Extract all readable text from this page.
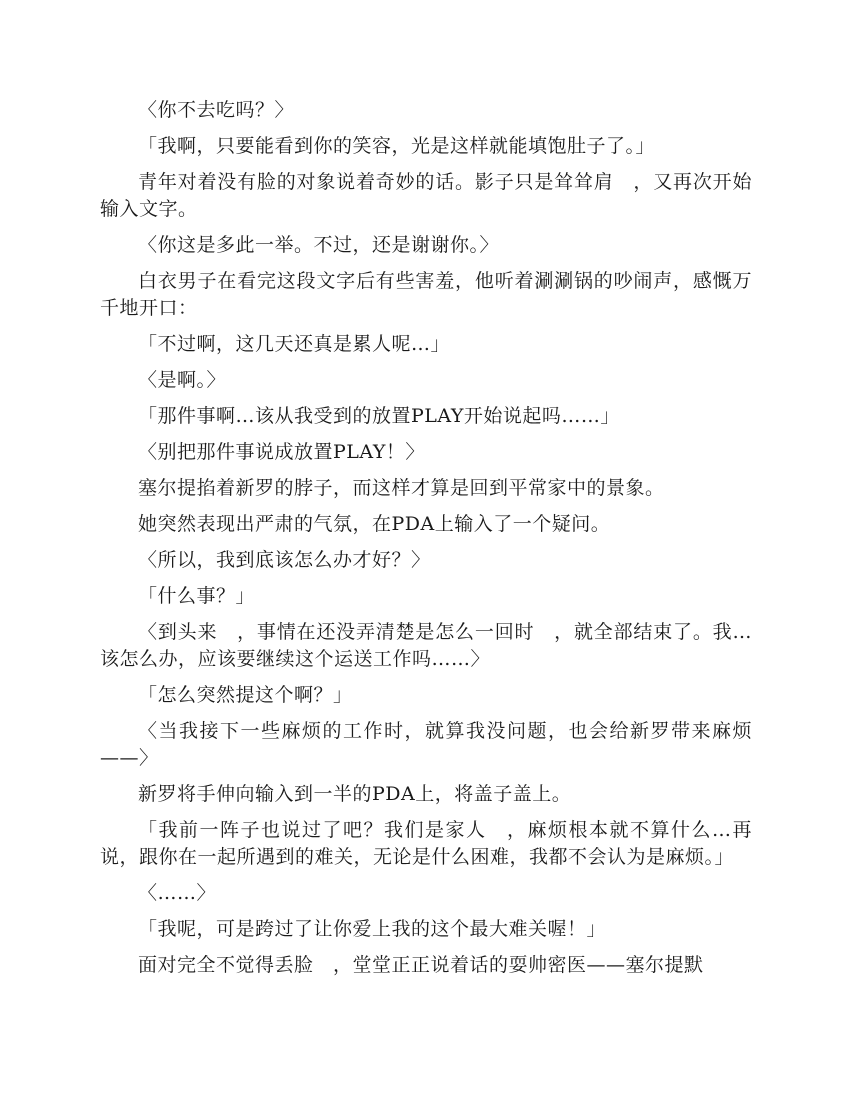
〈你不去吃吗？〉

「我啊，只要能看到你的笑容，光是这样就能填饱肚子了。」

青年对着没有脸的对象说着奇妙的话。影子只是耸耸肩　，又再次开始输入文字。

〈你这是多此一举。不过，还是谢谢你。〉

白衣男子在看完这段文字后有些害羞，他听着涮涮锅的吵闹声，感慨万千地开口：

「不过啊，这几天还真是累人呢…」

〈是啊。〉

「那件事啊…该从我受到的放置PLAY开始说起吗……」

〈别把那件事说成放置PLAY！〉

塞尔提掐着新罗的脖子，而这样才算是回到平常家中的景象。

她突然表现出严肃的气氛，在PDA上输入了一个疑问。

〈所以，我到底该怎么办才好？〉

「什么事？」

〈到头来　，事情在还没弄清楚是怎么一回时　，就全部结束了。我…该怎么办，应该要继续这个运送工作吗……〉

「怎么突然提这个啊？」

〈当我接下一些麻烦的工作时，就算我没问题，也会给新罗带来麻烦——〉

新罗将手伸向输入到一半的PDA上，将盖子盖上。

「我前一阵子也说过了吧？我们是家人　，麻烦根本就不算什么…再说，跟你在一起所遇到的难关，无论是什么困难，我都不会认为是麻烦。」

〈……〉

「我呢，可是跨过了让你爱上我的这个最大难关喔！」

面对完全不觉得丢脸　，堂堂正正说着话的耍帅密医——塞尔提默
